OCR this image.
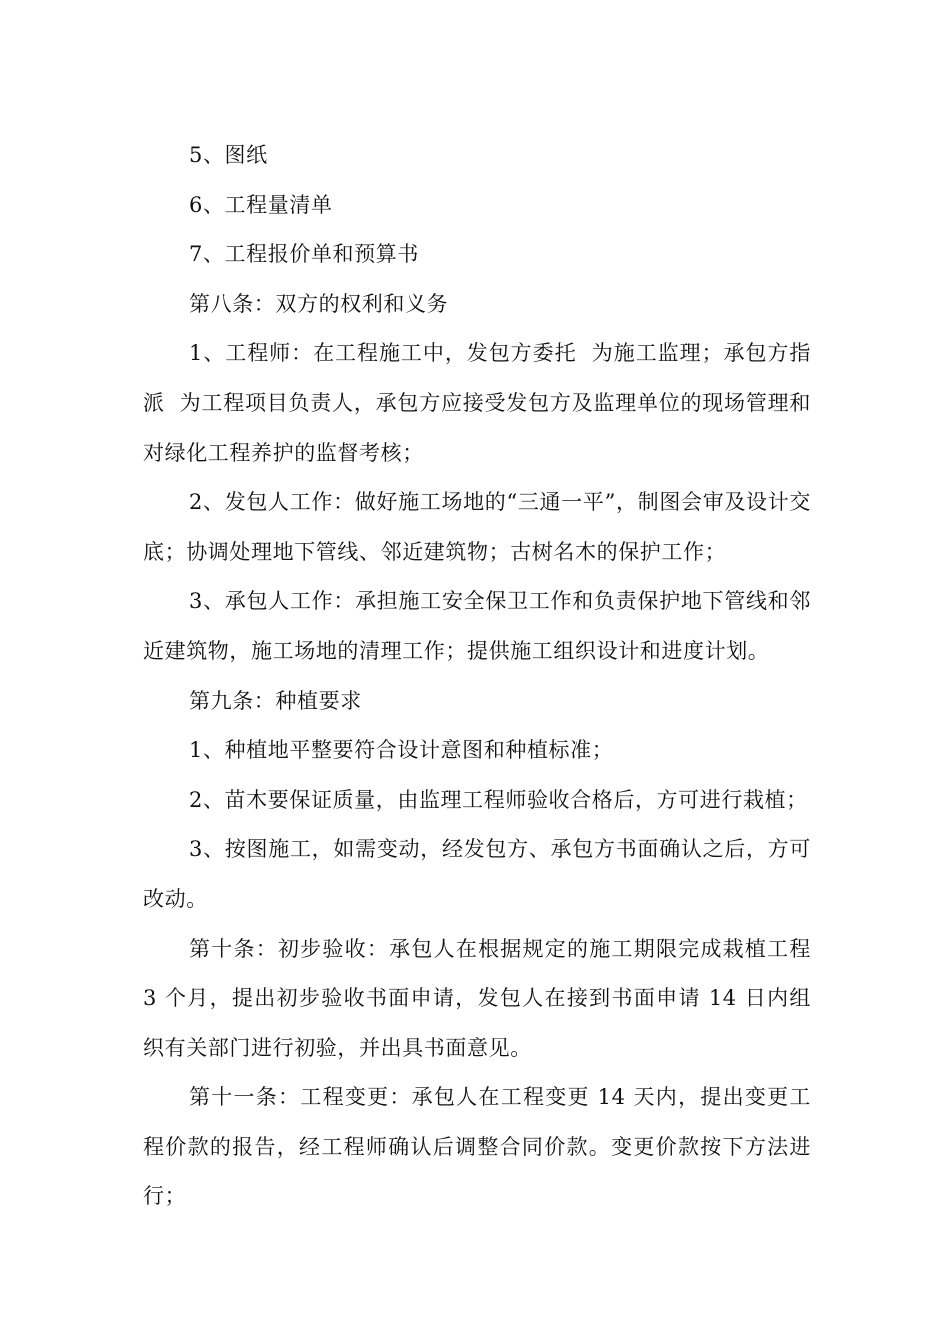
5、图纸

6、工程量清单

7、工程报价单和预算书

第八条：双方的权利和义务

1、工程师：在工程施工中，发包方委托  为施工监理；承包方指派  为工程项目负责人，承包方应接受发包方及监理单位的现场管理和对绿化工程养护的监督考核；

2、发包人工作：做好施工场地的“三通一平”，制图会审及设计交底；协调处理地下管线、邻近建筑物；古树名木的保护工作；

3、承包人工作：承担施工安全保卫工作和负责保护地下管线和邻近建筑物，施工场地的清理工作；提供施工组织设计和进度计划。

第九条：种植要求

1、种植地平整要符合设计意图和种植标准；

2、苗木要保证质量，由监理工程师验收合格后，方可进行栽植；

3、按图施工，如需变动，经发包方、承包方书面确认之后，方可改动。

第十条：初步验收：承包人在根据规定的施工期限完成栽植工程 3 个月，提出初步验收书面申请，发包人在接到书面申请 14 日内组织有关部门进行初验，并出具书面意见。

第十一条：工程变更：承包人在工程变更 14 天内，提出变更工程价款的报告，经工程师确认后调整合同价款。变更价款按下方法进行；
